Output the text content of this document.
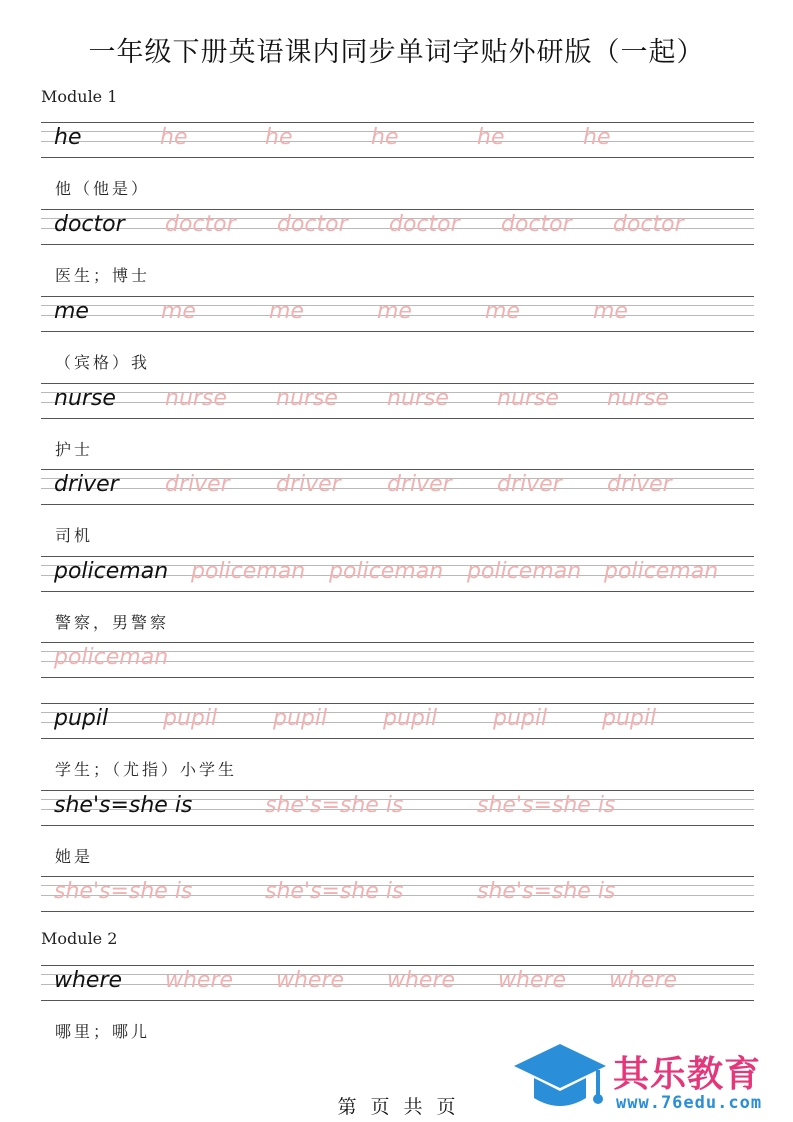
一年级下册英语课内同步单词字贴外研版（一起）
Module 1
he	he	he	he	he	he
他（他是）
doctor doctor doctor doctor doctor doctor
医生；博士
me	me	me	me	me	me
（宾格）我
nurse nurse nurse nurse nurse nurse
护士
driver driver driver driver driver driver
司机
policeman policeman policeman policeman policeman
警察，男警察
policeman
pupil pupil	pupil	pupil	pupil pupil
学生；（尤指）小学生
she's=she is	she's=she is	she's=she is
她是
she's=she is	she's=she is	she's=she is
Module 2
where where where where where where
哪里；哪儿
第 页 共 页
其乐教育
www.76edu.com
